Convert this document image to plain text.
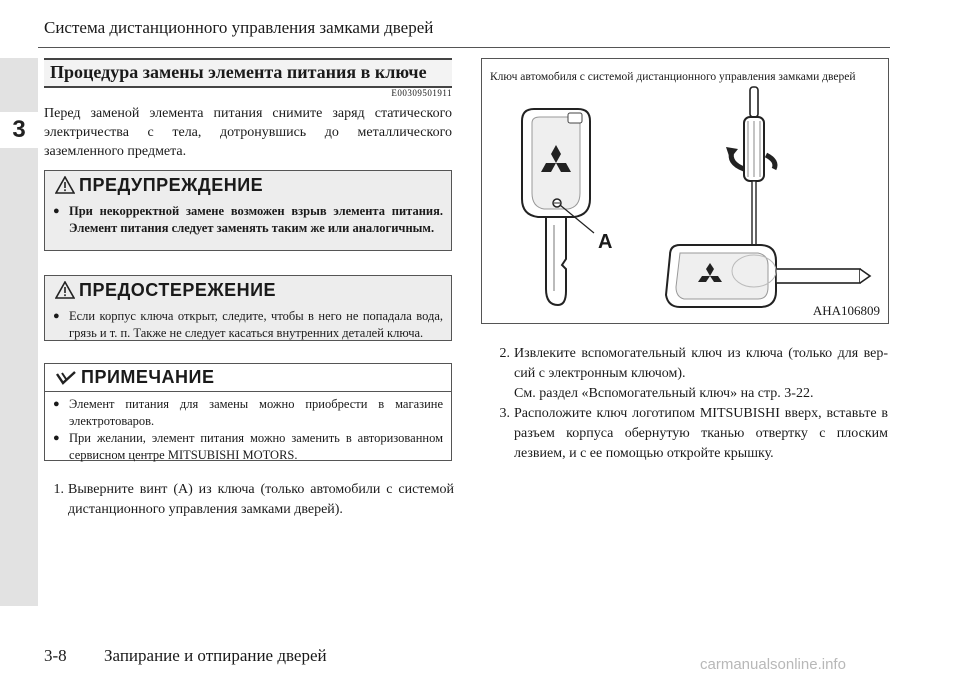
3
Система дистанционного управления замками дверей
Процедура замены элемента питания в ключе
E00309501911
Перед заменой элемента питания снимите заряд статического электричества с тела, дотронувшись до металлического заземленного предмета.
ПРЕДУПРЕЖДЕНИЕ
● При некорректной замене возможен взрыв элемента питания. Элемент питания следует заменять таким же или аналогичным.
ПРЕДОСТЕРЕЖЕНИЕ
● Если корпус ключа открыт, следите, чтобы в него не попадала вода, грязь и т. п. Также не следует касаться внутренних деталей ключа.
ПРИМЕЧАНИЕ
● Элемент питания для замены можно приобрести в магазине электротоваров.
● При желании, элемент питания можно заменить в авторизованном сервисном центре MITSUBISHI MOTORS.
1. Выверните винт (A) из ключа (только автомобили с системой дистанционного управления замками дверей).
Ключ автомобиля с системой дистанционного управления замками дверей
A
AHA106809
2. Извлеките вспомогательный ключ из ключа (только для вер-сий с электронным ключом).
См. раздел «Вспомогательный ключ» на стр. 3-22.
3. Расположите ключ логотипом MITSUBISHI вверх, вставьте в разъем корпуса обернутую тканью отвертку с плоским лезвием, и с ее помощью откройте крышку.
3-8 Запирание и отпирание дверей	carmanualsonline.info
